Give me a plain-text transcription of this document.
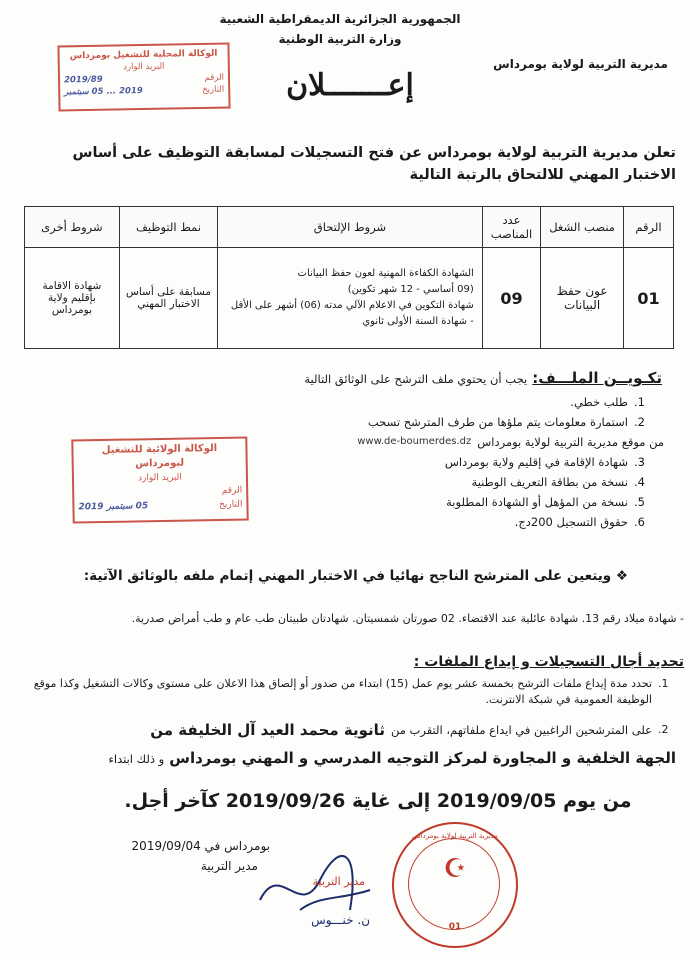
الجمهورية الجزائرية الديمقراطية الشعبية
وزارة التربية الوطنية
مديرية التربية لولاية بومرداس
الوكالة المحلية للتشغيل بومرداس
البريد الوارد
الرقم
2019/89
التاريخ
2019 ... 05 سبتمبر	إعـــــــلان
تعلن مديرية التربية لولاية بومرداس عن فتح التسجيلات لمسابقة التوظيف على أساس الاختبار المهني للالتحاق بالرتبة التالية
الرقم	منصب الشغل	عدد المناصب	شروط الإلتحاق	نمط التوظيف	شروط أخرى
01	عون حفظ البيانات	09	الشهادة الكفاءة المهنية لعون حفظ البيانات
(09 أساسي - 12 شهر تكوين)
شهادة التكوين في الاعلام الآلي مدته (06) أشهر على الأقل - شهادة السنة الأولى ثانوي	مسابقة على أساس الاختبار المهني	شهادة الاقامة بإقليم ولاية بومرداس
تكـويــن الملـــف: يجب أن يحتوي ملف الترشح على الوثائق التالية
.1
طلب خطي.
.2
استمارة معلومات يتم ملؤها من طرف المترشح تسحب
من موقع مديرية التربية لولاية بومرداس
www.de-boumerdes.dz
.3
شهادة الإقامة في إقليم ولاية بومرداس
.4
نسخة من بطاقة التعريف الوطنية
.5
نسخة من المؤهل أو الشهادة المطلوبة
.6
حقوق التسجيل 200دج.
الوكالة الولائية للتشغيل لبومرداس
البريد الوارد
الرقم
التاريخ
05 سبتمبر 2019
❖ ويتعين على المترشح الناجح نهائيا في الاختبار المهني إتمام ملفه بالوثائق الآتية:
- شهادة ميلاد رقم 13. شهادة عائلية عند الاقتضاء. 02 صورتان شمسيتان. شهادتان طبيتان طب عام و طب أمراض صدرية.
تحديد أجال التسجيلات و إيداع الملفات :
.1
تحدد مدة إيداع ملفات الترشح بخمسة عشر يوم عمل (15) ابتداء من صدور أو إلصاق هذا الاعلان على مستوى وكالات التشغيل وكذا موقع الوظيفة العمومية في شبكة الانترنت.
.2
على المترشحين الراغبين في ايداع ملفاتهم، التقرب من
ثانوية محمد العيد آل الخليفة من
الجهة الخلفية و المجاورة لمركز التوجيه المدرسي و المهني بومرداس و ذلك ابتداء
من يوم 2019/09/05 إلى غاية 2019/09/26 كآخر أجل.
بومرداس في 2019/09/04
مدير التربية
مدير التربية
ن. خنـــوس
☪
مديرية التربية لولاية بومرداس
01
